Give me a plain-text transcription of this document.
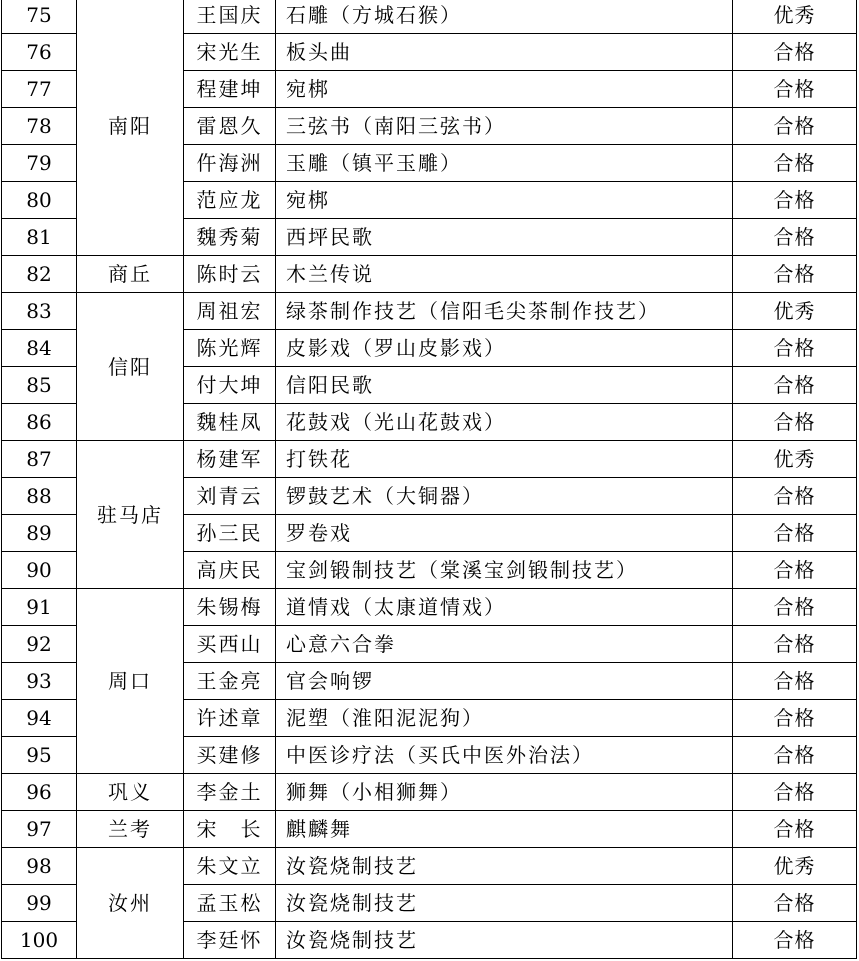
75	南阳	王国庆	石雕（方城石猴）	优秀
76		宋光生	板头曲	合格
77		程建坤	宛梆	合格
78		雷恩久	三弦书（南阳三弦书）	合格
79		仵海洲	玉雕（镇平玉雕）	合格
80		范应龙	宛梆	合格
81		魏秀菊	西坪民歌	合格
82	商丘	陈时云	木兰传说	合格
83	信阳	周祖宏	绿茶制作技艺（信阳毛尖茶制作技艺）	优秀
84		陈光辉	皮影戏（罗山皮影戏）	合格
85		付大坤	信阳民歌	合格
86		魏桂凤	花鼓戏（光山花鼓戏）	合格
87	驻马店	杨建军	打铁花	优秀
88		刘青云	锣鼓艺术（大铜器）	合格
89		孙三民	罗卷戏	合格
90		高庆民	宝剑锻制技艺（棠溪宝剑锻制技艺）	合格
91	周口	朱锡梅	道情戏（太康道情戏）	合格
92		买西山	心意六合拳	合格
93		王金亮	官会响锣	合格
94		许述章	泥塑（淮阳泥泥狗）	合格
95		买建修	中医诊疗法（买氏中医外治法）	合格
96	巩义	李金土	狮舞（小相狮舞）	合格
97	兰考	宋　长	麒麟舞	合格
98	汝州	朱文立	汝瓷烧制技艺	优秀
99		孟玉松	汝瓷烧制技艺	合格
100		李廷怀	汝瓷烧制技艺	合格
